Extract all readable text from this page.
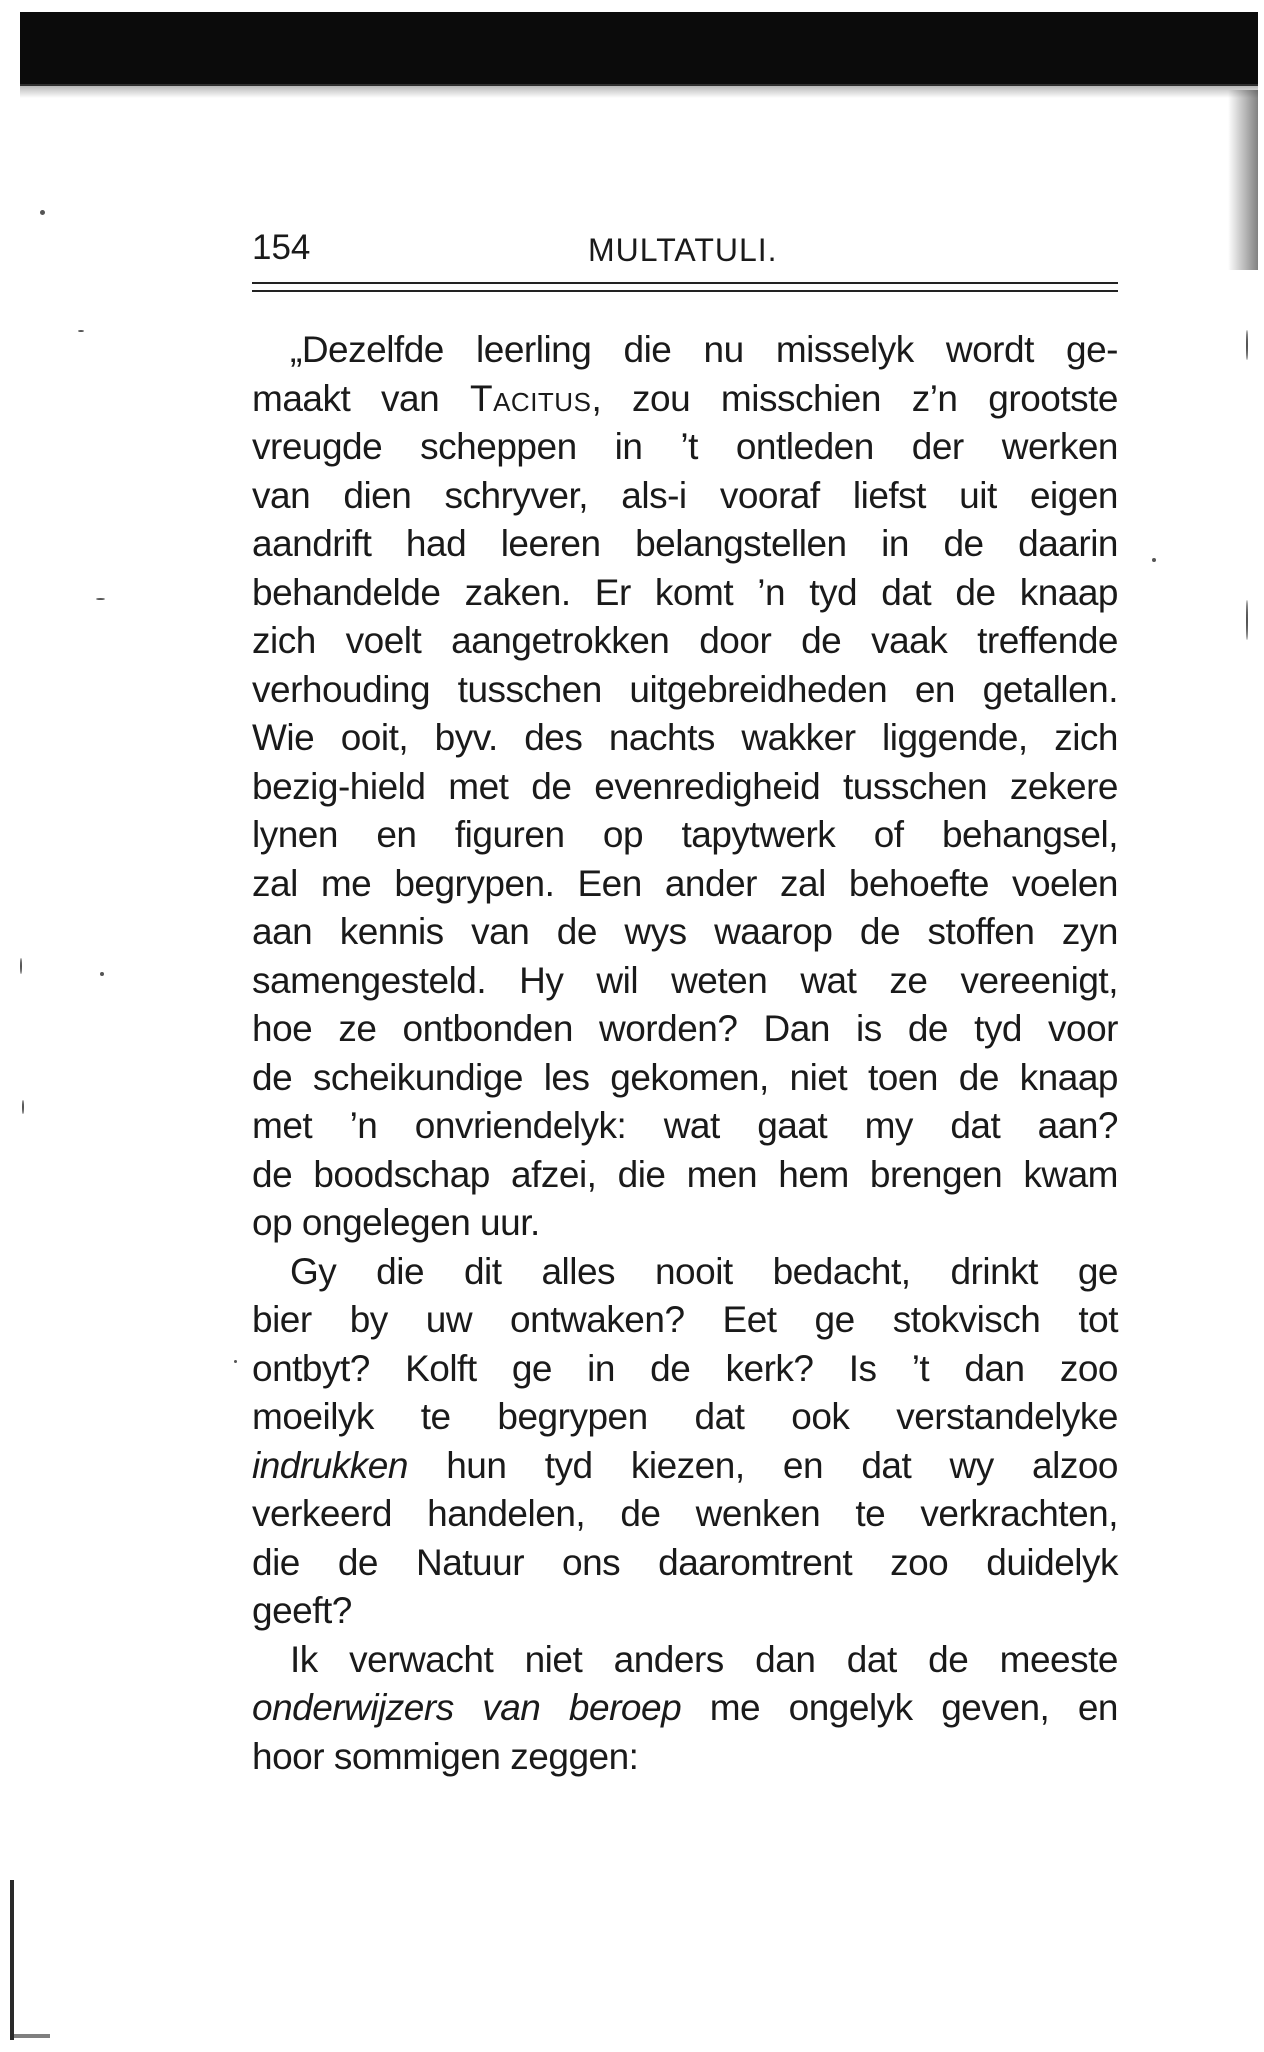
154	MULTATULI.
„Dezelfde leerling die nu misselyk wordt ge-
maakt van Tacitus, zou misschien z’n grootste
vreugde scheppen in ’t ontleden der werken
van dien schryver, als-i vooraf liefst uit eigen
aandrift had leeren belangstellen in de daarin
behandelde zaken. Er komt ’n tyd dat de knaap
zich voelt aangetrokken door de vaak treffende
verhouding tusschen uitgebreidheden en getallen.
Wie ooit, byv. des nachts wakker liggende, zich
bezig-hield met de evenredigheid tusschen zekere
lynen en figuren op tapytwerk of behangsel,
zal me begrypen. Een ander zal behoefte voelen
aan kennis van de wys waarop de stoffen zyn
samengesteld. Hy wil weten wat ze vereenigt,
hoe ze ontbonden worden? Dan is de tyd voor
de scheikundige les gekomen, niet toen de knaap
met ’n onvriendelyk: wat gaat my dat aan?
de boodschap afzei, die men hem brengen kwam
op ongelegen uur.
Gy die dit alles nooit bedacht, drinkt ge
bier by uw ontwaken? Eet ge stokvisch tot
ontbyt? Kolft ge in de kerk? Is ’t dan zoo
moeilyk te begrypen dat ook verstandelyke
indrukken hun tyd kiezen, en dat wy alzoo
verkeerd handelen, de wenken te verkrachten,
die de Natuur ons daaromtrent zoo duidelyk
geeft?
Ik verwacht niet anders dan dat de meeste
onderwijzers van beroep me ongelyk geven, en
hoor sommigen zeggen:
